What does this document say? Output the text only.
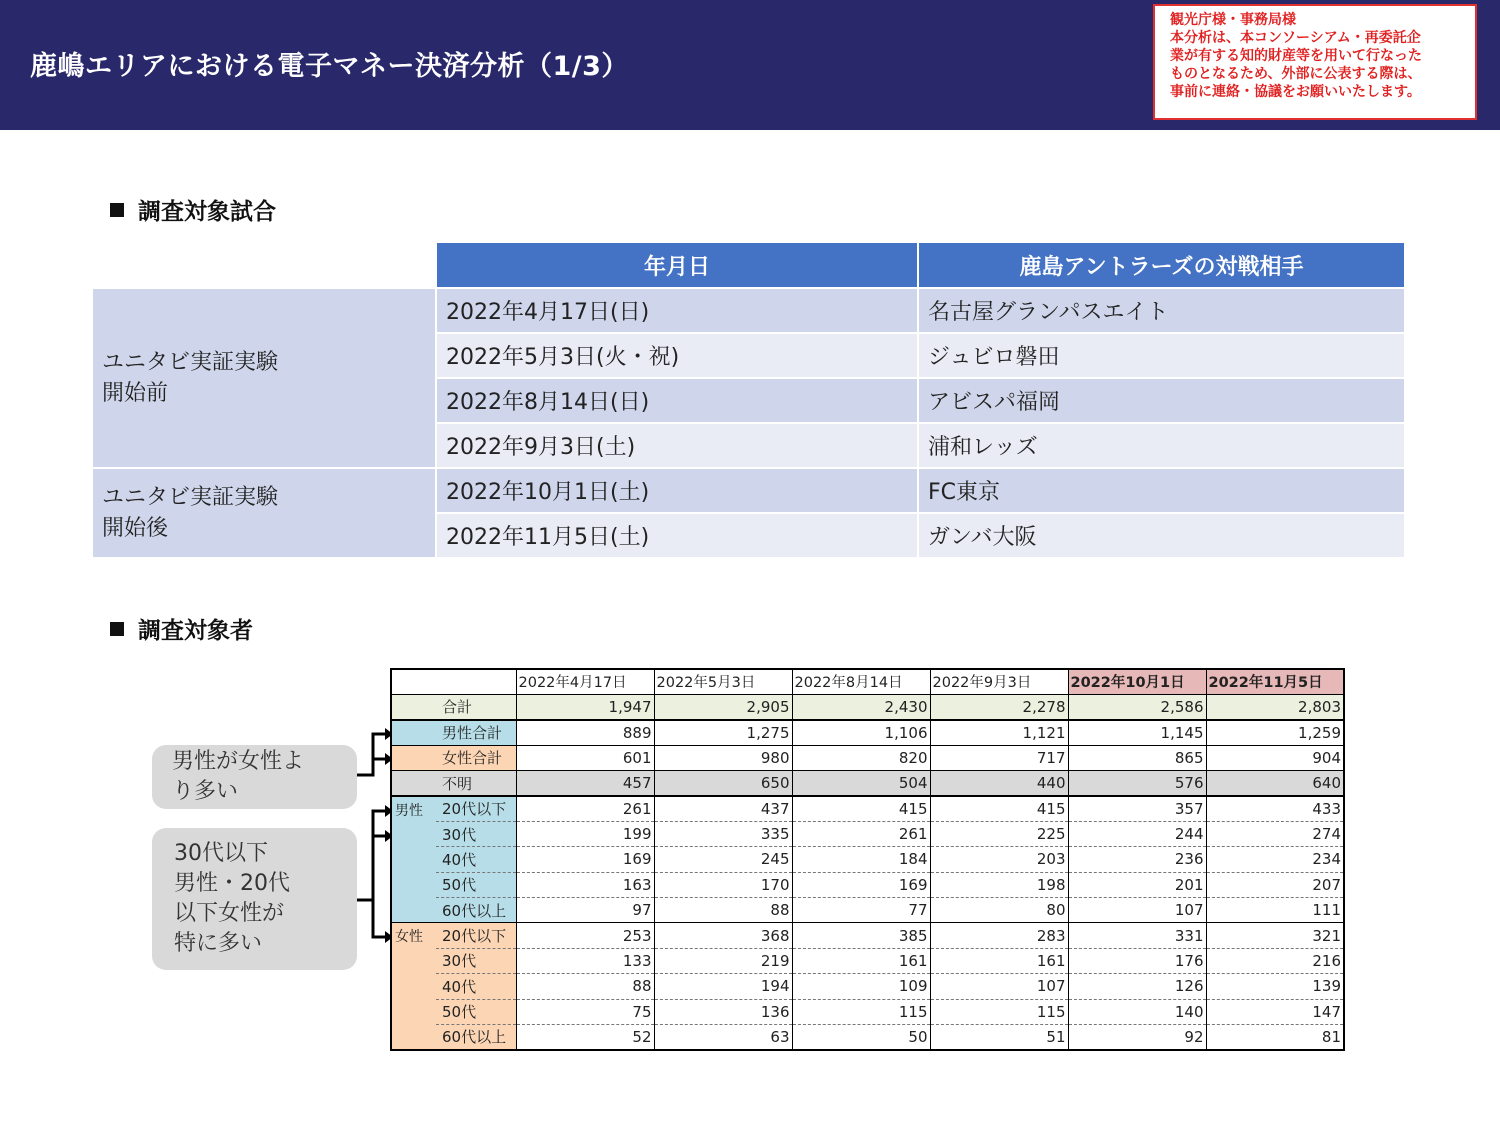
鹿嶋エリアにおける電子マネー決済分析（1/3）
観光庁様・事務局様
本分析は、本コンソーシアム・再委託企
業が有する知的財産等を用いて行なった
ものとなるため、外部に公表する際は、
事前に連絡・協議をお願いいたします。
調査対象試合
	年月日	鹿島アントラーズの対戦相手

ユニタビ実証実験
開始前	2022年4月17日(日)	名古屋グランパスエイト
	2022年5月3日(火・祝)	ジュビロ磐田
	2022年8月14日(日)	アビスパ福岡
	2022年9月3日(土)	浦和レッズ

ユニタビ実証実験
開始後	2022年10月1日(土)	FC東京
	2022年11月5日(土)	ガンバ大阪
調査対象者
男性が女性よ
り多い
30代以下
男性・20代
以下女性が
特に多い
		2022年4月17日	2022年5月3日	2022年8月14日	2022年9月3日	2022年10月1日	2022年11月5日
	合計	1,947	2,905	2,430	2,278	2,586	2,803
	男性合計	889	1,275	1,106	1,121	1,145	1,259
	女性合計	601	980	820	717	865	904
	不明	457	650	504	440	576	640
男性	20代以下	261	437	415	415	357	433
	30代	199	335	261	225	244	274
	40代	169	245	184	203	236	234
	50代	163	170	169	198	201	207
	60代以上	97	88	77	80	107	111
女性	20代以下	253	368	385	283	331	321
	30代	133	219	161	161	176	216
	40代	88	194	109	107	126	139
	50代	75	136	115	115	140	147
	60代以上	52	63	50	51	92	81
